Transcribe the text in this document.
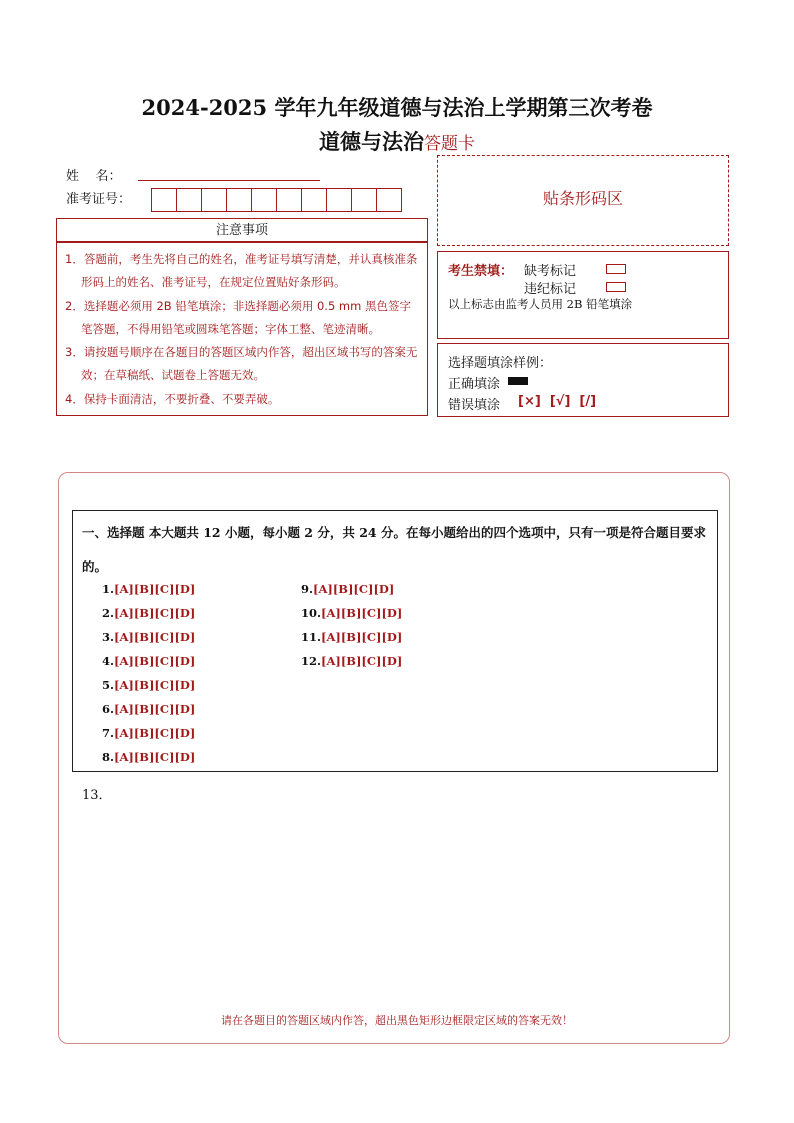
2024-2025 学年九年级道德与法治上学期第三次考卷
道德与法治答题卡
姓    名：
准考证号：
注意事项

1．答题前，考生先将自己的姓名，准考证号填写清楚，并认真核准条形码上的姓名、准考证号，在规定位置贴好条形码。

2．选择题必须用 2B 铅笔填涂；非选择题必须用 0.5 mm 黑色签字笔答题，不得用铅笔或圆珠笔答题；字体工整、笔迹清晰。

3．请按题号顺序在各题目的答题区域内作答，超出区域书写的答案无效；在草稿纸、试题卷上答题无效。

4．保持卡面清洁，不要折叠、不要弄破。

贴条形码区
考生禁填： 缺考标记
违纪标记
以上标志由监考人员用 2B 铅笔填涂
选择题填涂样例：
正确填涂
错误填涂 [×]  [√]  [/]
一、选择题 本大题共 12 小题，每小题 2 分，共 24 分。在每小题给出的四个选项中，只有一项是符合题目要求的。
1.[A][B][C][D]
2.[A][B][C][D]
3.[A][B][C][D]
4.[A][B][C][D]
5.[A][B][C][D]
6.[A][B][C][D]
7.[A][B][C][D]
8.[A][B][C][D]
9.[A][B][C][D]
10.[A][B][C][D]
11.[A][B][C][D]
12.[A][B][C][D]
13．
请在各题目的答题区域内作答，超出黑色矩形边框限定区域的答案无效！
